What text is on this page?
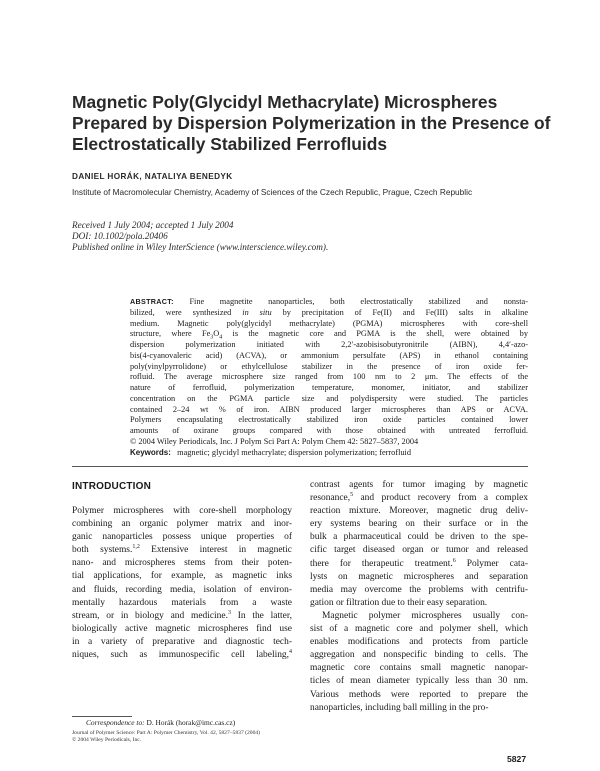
Magnetic Poly(Glycidyl Methacrylate) Microspheres
Prepared by Dispersion Polymerization in the Presence of
Electrostatically Stabilized Ferrofluids
DANIEL HORÁK, NATALIYA BENEDYK
Institute of Macromolecular Chemistry, Academy of Sciences of the Czech Republic, Prague, Czech Republic
Received 1 July 2004; accepted 1 July 2004
DOI: 10.1002/pola.20406
Published online in Wiley InterScience (www.interscience.wiley.com).
ABSTRACT: Fine magnetite nanoparticles, both electrostatically stabilized and nonsta-
bilized, were synthesized in situ by precipitation of Fe(II) and Fe(III) salts in alkaline
medium. Magnetic poly(glycidyl methacrylate) (PGMA) microspheres with core-shell
structure, where $Fe_3O_4$ is the magnetic core and PGMA is the shell, were obtained by
dispersion polymerization initiated with 2,2′-azobisisobutyronitrile (AIBN), 4,4′-azo-
bis(4-cyanovaleric acid) (ACVA), or ammonium persulfate (APS) in ethanol containing
poly(vinylpyrrolidone) or ethylcellulose stabilizer in the presence of iron oxide fer-
rofluid. The average microsphere size ranged from 100 nm to 2 μm. The effects of the
nature of ferrofluid, polymerization temperature, monomer, initiator, and stabilizer
concentration on the PGMA particle size and polydispersity were studied. The particles
contained 2–24 wt % of iron. AIBN produced larger microspheres than APS or ACVA.
Polymers encapsulating electrostatically stabilized iron oxide particles contained lower
amounts of oxirane groups compared with those obtained with untreated ferrofluid.
© 2004 Wiley Periodicals, Inc. J Polym Sci Part A: Polym Chem 42: 5827–5837, 2004
Keywords: magnetic; glycidyl methacrylate; dispersion polymerization; ferrofluid
INTRODUCTION
Polymer microspheres with core-shell morphology
combining an organic polymer matrix and inor-
ganic nanoparticles possess unique properties of
both systems.$^{1,2}$ Extensive interest in magnetic
nano- and microspheres stems from their poten-
tial applications, for example, as magnetic inks
and fluids, recording media, isolation of environ-
mentally hazardous materials from a waste
stream, or in biology and medicine.$^3$ In the latter,
biologically active magnetic microspheres find use
in a variety of preparative and diagnostic tech-
niques, such as immunospecific cell labeling,$^4$
contrast agents for tumor imaging by magnetic
resonance,$^5$ and product recovery from a complex
reaction mixture. Moreover, magnetic drug deliv-
ery systems bearing on their surface or in the
bulk a pharmaceutical could be driven to the spe-
cific target diseased organ or tumor and released
there for therapeutic treatment.$^6$ Polymer cata-
lysts on magnetic microspheres and separation
media may overcome the problems with centrifu-
gation or filtration due to their easy separation.
Magnetic polymer microspheres usually con-
sist of a magnetic core and polymer shell, which
enables modifications and protects from particle
aggregation and nonspecific binding to cells. The
magnetic core contains small magnetic nanopar-
ticles of mean diameter typically less than 30 nm.
Various methods were reported to prepare the
nanoparticles, including ball milling in the pro-
Correspondence to: D. Horák (horak@imc.cas.cz)
Journal of Polymer Science: Part A: Polymer Chemistry, Vol. 42, 5827–5837 (2004)
© 2004 Wiley Periodicals, Inc.
5827
